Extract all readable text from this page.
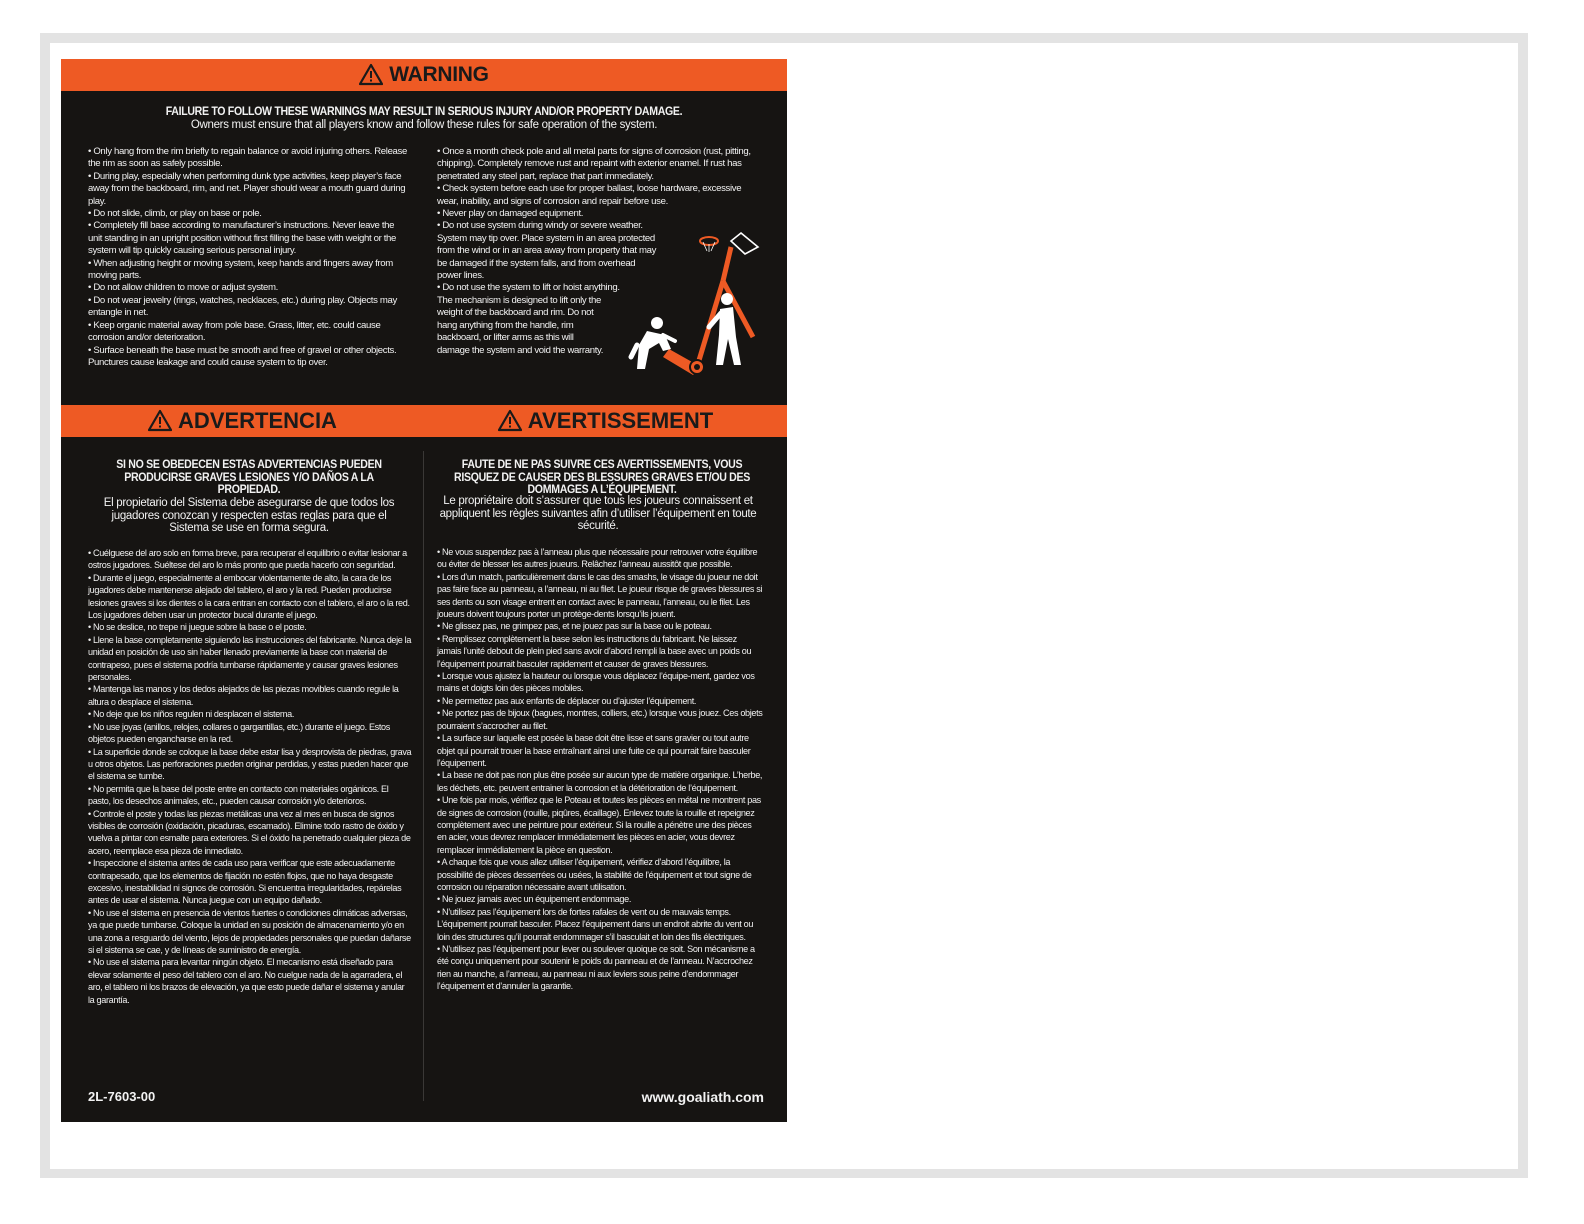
WARNING
FAILURE TO FOLLOW THESE WARNINGS MAY RESULT IN SERIOUS INJURY AND/OR PROPERTY DAMAGE.
Owners must ensure that all players know and follow these rules for safe operation of the system.

• Only hang from the rim briefly to regain balance or avoid injuring others. Release the rim as soon as safely possible.

• During play, especially when performing dunk type activities, keep player’s face away from the backboard, rim, and net. Player should wear a mouth guard during play.

• Do not slide, climb, or play on base or pole.

• Completely fill base according to manufacturer’s instructions. Never leave the unit standing in an upright position without first filling the base with weight or the system will tip quickly causing serious personal injury.

• When adjusting height or moving system, keep hands and fingers away from moving parts.

• Do not allow children to move or adjust system.

• Do not wear jewelry (rings, watches, necklaces, etc.) during play. Objects may entangle in net.

• Keep organic material away from pole base. Grass, litter, etc. could cause corrosion and/or deterioration.

• Surface beneath the base must be smooth and free of gravel or other objects. Punctures cause leakage and could cause system to tip over.

• Once a month check pole and all metal parts for signs of corrosion (rust, pitting, chipping). Completely remove rust and repaint with exterior enamel. If rust has penetrated any steel part, replace that part immediately.

• Check system before each use for proper ballast, loose hardware, excessive wear, inability, and signs of corrosion and repair before use.

• Never play on damaged equipment.

• Do not use system during windy or severe weather.

System may tip over. Place system in an area protected

from the wind or in an area away from property that may

be damaged if the system falls, and from overhead

power lines.

• Do not use the system to lift or hoist anything.

The mechanism is designed to lift only the

weight of the backboard and rim. Do not

hang anything from the handle, rim

backboard, or lifter arms as this will

damage the system and void the warranty.

ADVERTENCIA	AVERTISSEMENT
SI NO SE OBEDECEN ESTAS ADVERTENCIAS PUEDEN PRODUCIRSE GRAVES LESIONES Y/O DAÑOS A LA PROPIEDAD.
El propietario del Sistema debe asegurarse de que todos los jugadores conozcan y respecten estas reglas para que el Sistema se use en forma segura.

• Cuélguese del aro solo en forma breve, para recuperar el equilibrio o evitar lesionar a ostros jugadores. Suéltese del aro lo más pronto que pueda hacerlo con seguridad.

• Durante el juego, especialmente al embocar violentamente de alto, la cara de los jugadores debe mantenerse alejado del tablero, el aro y la red. Pueden producirse lesiones graves si los dientes o la cara entran en contacto con el tablero, el aro o la red. Los jugadores deben usar un protector bucal durante el juego.

• No se deslice, no trepe ni juegue sobre la base o el poste.

• Llene la base completamente siguiendo las instrucciones del fabricante. Nunca deje la unidad en posición de uso sin haber llenado previamente la base con material de contrapeso, pues el sistema podría tumbarse rápidamente y causar graves lesiones personales.

• Mantenga las manos y los dedos alejados de las piezas movibles cuando regule la altura o desplace el sistema.

• No deje que los niños regulen ni desplacen el sistema.

• No use joyas (anillos, relojes, collares o gargantillas, etc.) durante el juego. Estos objetos pueden engancharse en la red.

• La superficie donde se coloque la base debe estar lisa y desprovista de piedras, grava u otros objetos. Las perforaciones pueden originar perdidas, y estas pueden hacer que el sistema se tumbe.

• No permita que la base del poste entre en contacto con materiales orgánicos. El pasto, los desechos animales, etc., pueden causar corrosión y/o deterioros.

• Controle el poste y todas las piezas metálicas una vez al mes en busca de signos visibles de corrosión (oxidación, picaduras, escamado). Elimine todo rastro de óxido y vuelva a pintar con esmalte para exteriores. Si el óxido ha penetrado cualquier pieza de acero, reemplace esa pieza de inmediato.

• Inspeccione el sistema antes de cada uso para verificar que este adecuadamente contrapesado, que los elementos de fijación no estén flojos, que no haya desgaste excesivo, inestabilidad ni signos de corrosión. Si encuentra irregularidades, repárelas antes de usar el sistema. Nunca juegue con un equipo dañado.

• No use el sistema en presencia de vientos fuertes o condiciones climáticas adversas, ya que puede tumbarse. Coloque la unidad en su posición de almacenamiento y/o en una zona a resguardo del viento, lejos de propiedades personales que puedan dañarse si el sistema se cae, y de líneas de suministro de energía.

• No use el sistema para levantar ningún objeto. El mecanismo está diseñado para elevar solamente el peso del tablero con el aro. No cuelgue nada de la agarradera, el aro, el tablero ni los brazos de elevación, ya que esto puede dañar el sistema y anular la garantía.

FAUTE DE NE PAS SUIVRE CES AVERTISSEMENTS, VOUS RISQUEZ DE CAUSER DES BLESSURES GRAVES ET/OU DES DOMMAGES A L’ÉQUIPEMENT.
Le propriétaire doit s’assurer que tous les joueurs connaissent et appliquent les règles suivantes afin d’utiliser l’équipement en toute sécurité.

• Ne vous suspendez pas à l’anneau plus que nécessaire pour retrouver votre équilibre ou éviter de blesser les autres joueurs. Relâchez l’anneau aussitôt que possible.

• Lors d’un match, particulièrement dans le cas des smashs, le visage du joueur ne doit pas faire face au panneau, a l’anneau, ni au filet. Le joueur risque de graves blessures si ses dents ou son visage entrent en contact avec le panneau, l’anneau, ou le filet. Les joueurs doivent toujours porter un protège-dents lorsqu’ils jouent.

• Ne glissez pas, ne grimpez pas, et ne jouez pas sur la base ou le poteau.

• Remplissez complètement la base selon les instructions du fabricant. Ne laissez jamais l’unité debout de plein pied sans avoir d’abord rempli la base avec un poids ou l’équipement pourrait basculer rapidement et causer de graves blessures.

• Lorsque vous ajustez la hauteur ou lorsque vous déplacez l’équipe-ment, gardez vos mains et doigts loin des pièces mobiles.

• Ne permettez pas aux enfants de déplacer ou d’ajuster l’équipement.

• Ne portez pas de bijoux (bagues, montres, colliers, etc.) lorsque vous jouez. Ces objets pourraient s’accrocher au filet.

• La surface sur laquelle est posée la base doit être lisse et sans gravier ou tout autre objet qui pourrait trouer la base entraînant ainsi une fuite ce qui pourrait faire basculer l’équipement.

• La base ne doit pas non plus être posée sur aucun type de matière organique. L’herbe, les déchets, etc. peuvent entrainer la corrosion et la détérioration de l’équipement.

• Une fois par mois, vérifiez que le Poteau et toutes les pièces en métal ne montrent pas de signes de corrosion (rouille, piqûres, écaillage). Enlevez toute la rouille et repeignez complètement avec une peinture pour extérieur. Si la rouille a pénètre une des pièces en acier, vous devrez remplacer immédiatement les pièces en acier, vous devrez remplacer immédiatement la pièce en question.

• A chaque fois que vous allez utiliser l’équipement, vérifiez d’abord l’équilibre, la possibilité de pièces desserrées ou usées, la stabilité de l’équipement et tout signe de corrosion ou réparation nécessaire avant utilisation.

• Ne jouez jamais avec un équipement endommage.

• N’utilisez pas l’équipement lors de fortes rafales de vent ou de mauvais temps. L’équipement pourrait basculer. Placez l’équipement dans un endroit abrite du vent ou loin des structures qu’il pourrait endommager s’il basculait et loin des fils électriques.

• N’utilisez pas l’équipement pour lever ou soulever quoique ce soit. Son mécanisme a été conçu uniquement pour soutenir le poids du panneau et de l’anneau. N’accrochez rien au manche, a l’anneau, au panneau ni aux leviers sous peine d’endommager l’équipement et d’annuler la garantie.

2L-7603-00	www.goaliath.com
